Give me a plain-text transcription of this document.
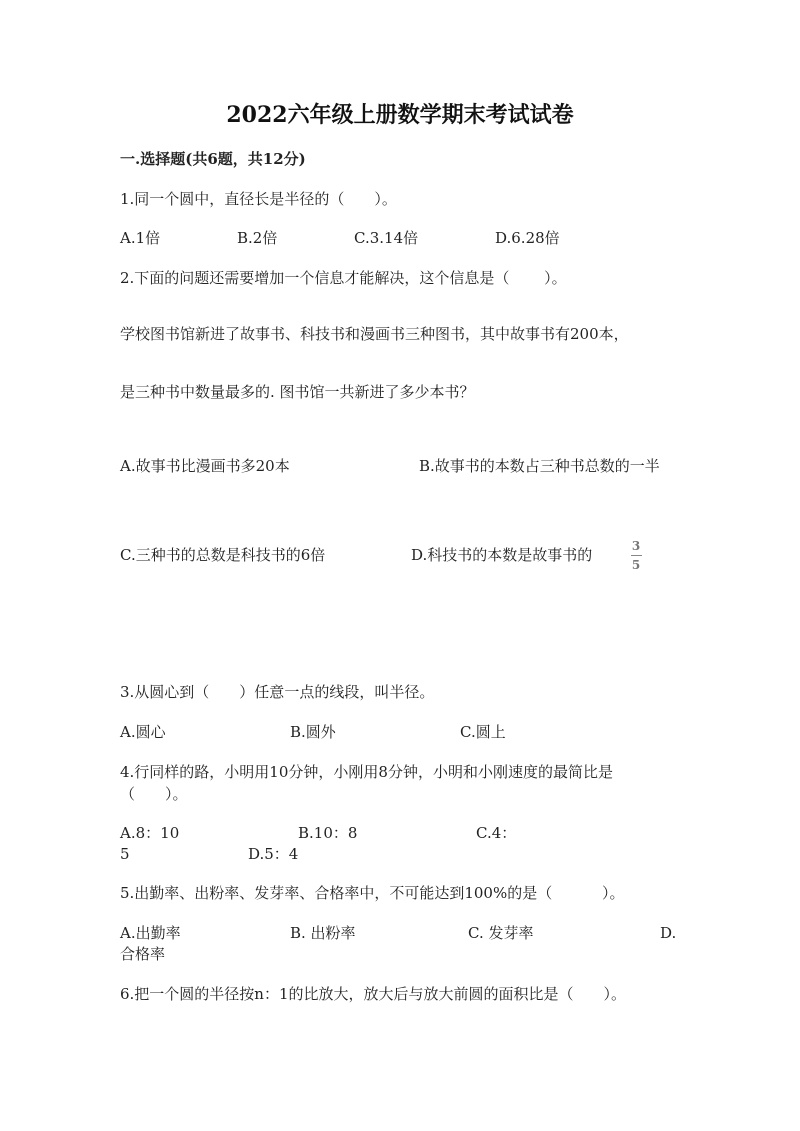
2022六年级上册数学期末考试试卷
一.选择题(共6题，共12分)
1.同一个圆中，直径长是半径的（　　）。
A.1倍	B.2倍	C.3.14倍	D.6.28倍
2.下面的问题还需要增加一个信息才能解决，这个信息是（　　 ）。
学校图书馆新进了故事书、科技书和漫画书三种图书，其中故事书有200本，
是三种书中数量最多的. 图书馆一共新进了多少本书？
A.故事书比漫画书多20本	B.故事书的本数占三种书总数的一半
C.三种书的总数是科技书的6倍	D.科技书的本数是故事书的	3
5
3.从圆心到（　　）任意一点的线段，叫半径。
A.圆心	B.圆外	C.圆上
4.行同样的路，小明用10分钟，小刚用8分钟，小明和小刚速度的最简比是
（　　）。
A.8：10	B.10：8	C.4：
5	D.5：4
5.出勤率、出粉率、发芽率、合格率中，不可能达到100%的是（　　　 ）。
A.出勤率	B. 出粉率	C. 发芽率	D.
合格率
6.把一个圆的半径按n：1的比放大，放大后与放大前圆的面积比是（　　）。
